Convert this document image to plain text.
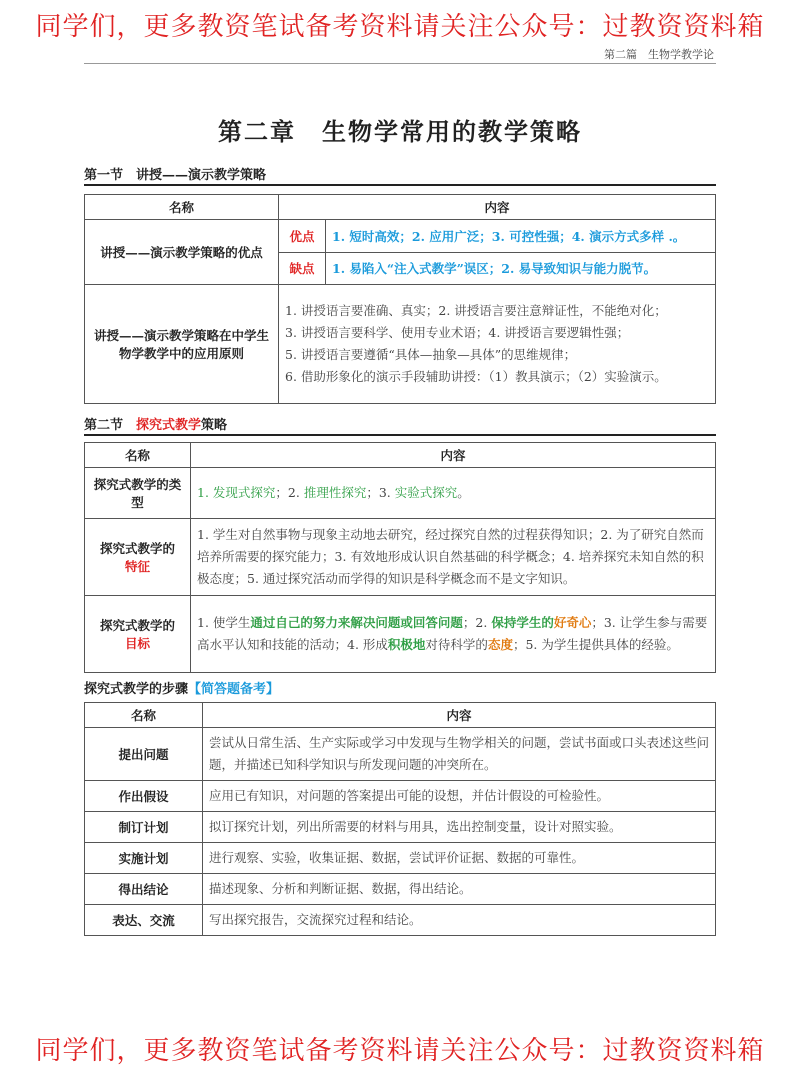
同学们，更多教资笔试备考资料请关注公众号：过教资资料箱
第二篇　生物学教学论
第二章　生物学常用的教学策略
第一节　讲授——演示教学策略
名称	内容	
讲授——演示教学策略的优点	优点	1. 短时高效；2. 应用广泛；3. 可控性强；4. 演示方式多样 .。
	缺点	1. 易陷入“注入式教学”误区；2. 易导致知识与能力脱节。
讲授——演示教学策略在中学生物学教学中的应用原则	1. 讲授语言要准确、真实；2. 讲授语言要注意辩证性，不能绝对化；
3. 讲授语言要科学、使用专业术语；4. 讲授语言要逻辑性强；
5. 讲授语言要遵循“具体—抽象—具体”的思维规律；
6. 借助形象化的演示手段辅助讲授：（1）教具演示；（2）实验演示。	
第二节　探究式教学策略
名称	内容
探究式教学的类型	1. 发现式探究；2. 推理性探究；3. 实验式探究。

探究式教学的
特征	1. 学生对自然事物与现象主动地去研究，经过探究自然的过程获得知识；2. 为了研究自然而培养所需要的探究能力；3. 有效地形成认识自然基础的科学概念；4. 培养探究未知自然的积极态度；5. 通过探究活动而学得的知识是科学概念而不是文字知识。

探究式教学的
目标	1. 使学生通过自己的努力来解决问题或回答问题；2. 保持学生的好奇心；3. 让学生参与需要高水平认知和技能的活动；4. 形成积极地对待科学的态度；5. 为学生提供具体的经验。
探究式教学的步骤【简答题备考】
名称	内容
提出问题	尝试从日常生活、生产实际或学习中发现与生物学相关的问题，尝试书面或口头表述这些问题，并描述已知科学知识与所发现问题的冲突所在。
作出假设	应用已有知识，对问题的答案提出可能的设想，并估计假设的可检验性。
制订计划	拟订探究计划，列出所需要的材料与用具，选出控制变量，设计对照实验。
实施计划	进行观察、实验，收集证据、数据，尝试评价证据、数据的可靠性。
得出结论	描述现象、分析和判断证据、数据，得出结论。
表达、交流	写出探究报告，交流探究过程和结论。
同学们，更多教资笔试备考资料请关注公众号：过教资资料箱
